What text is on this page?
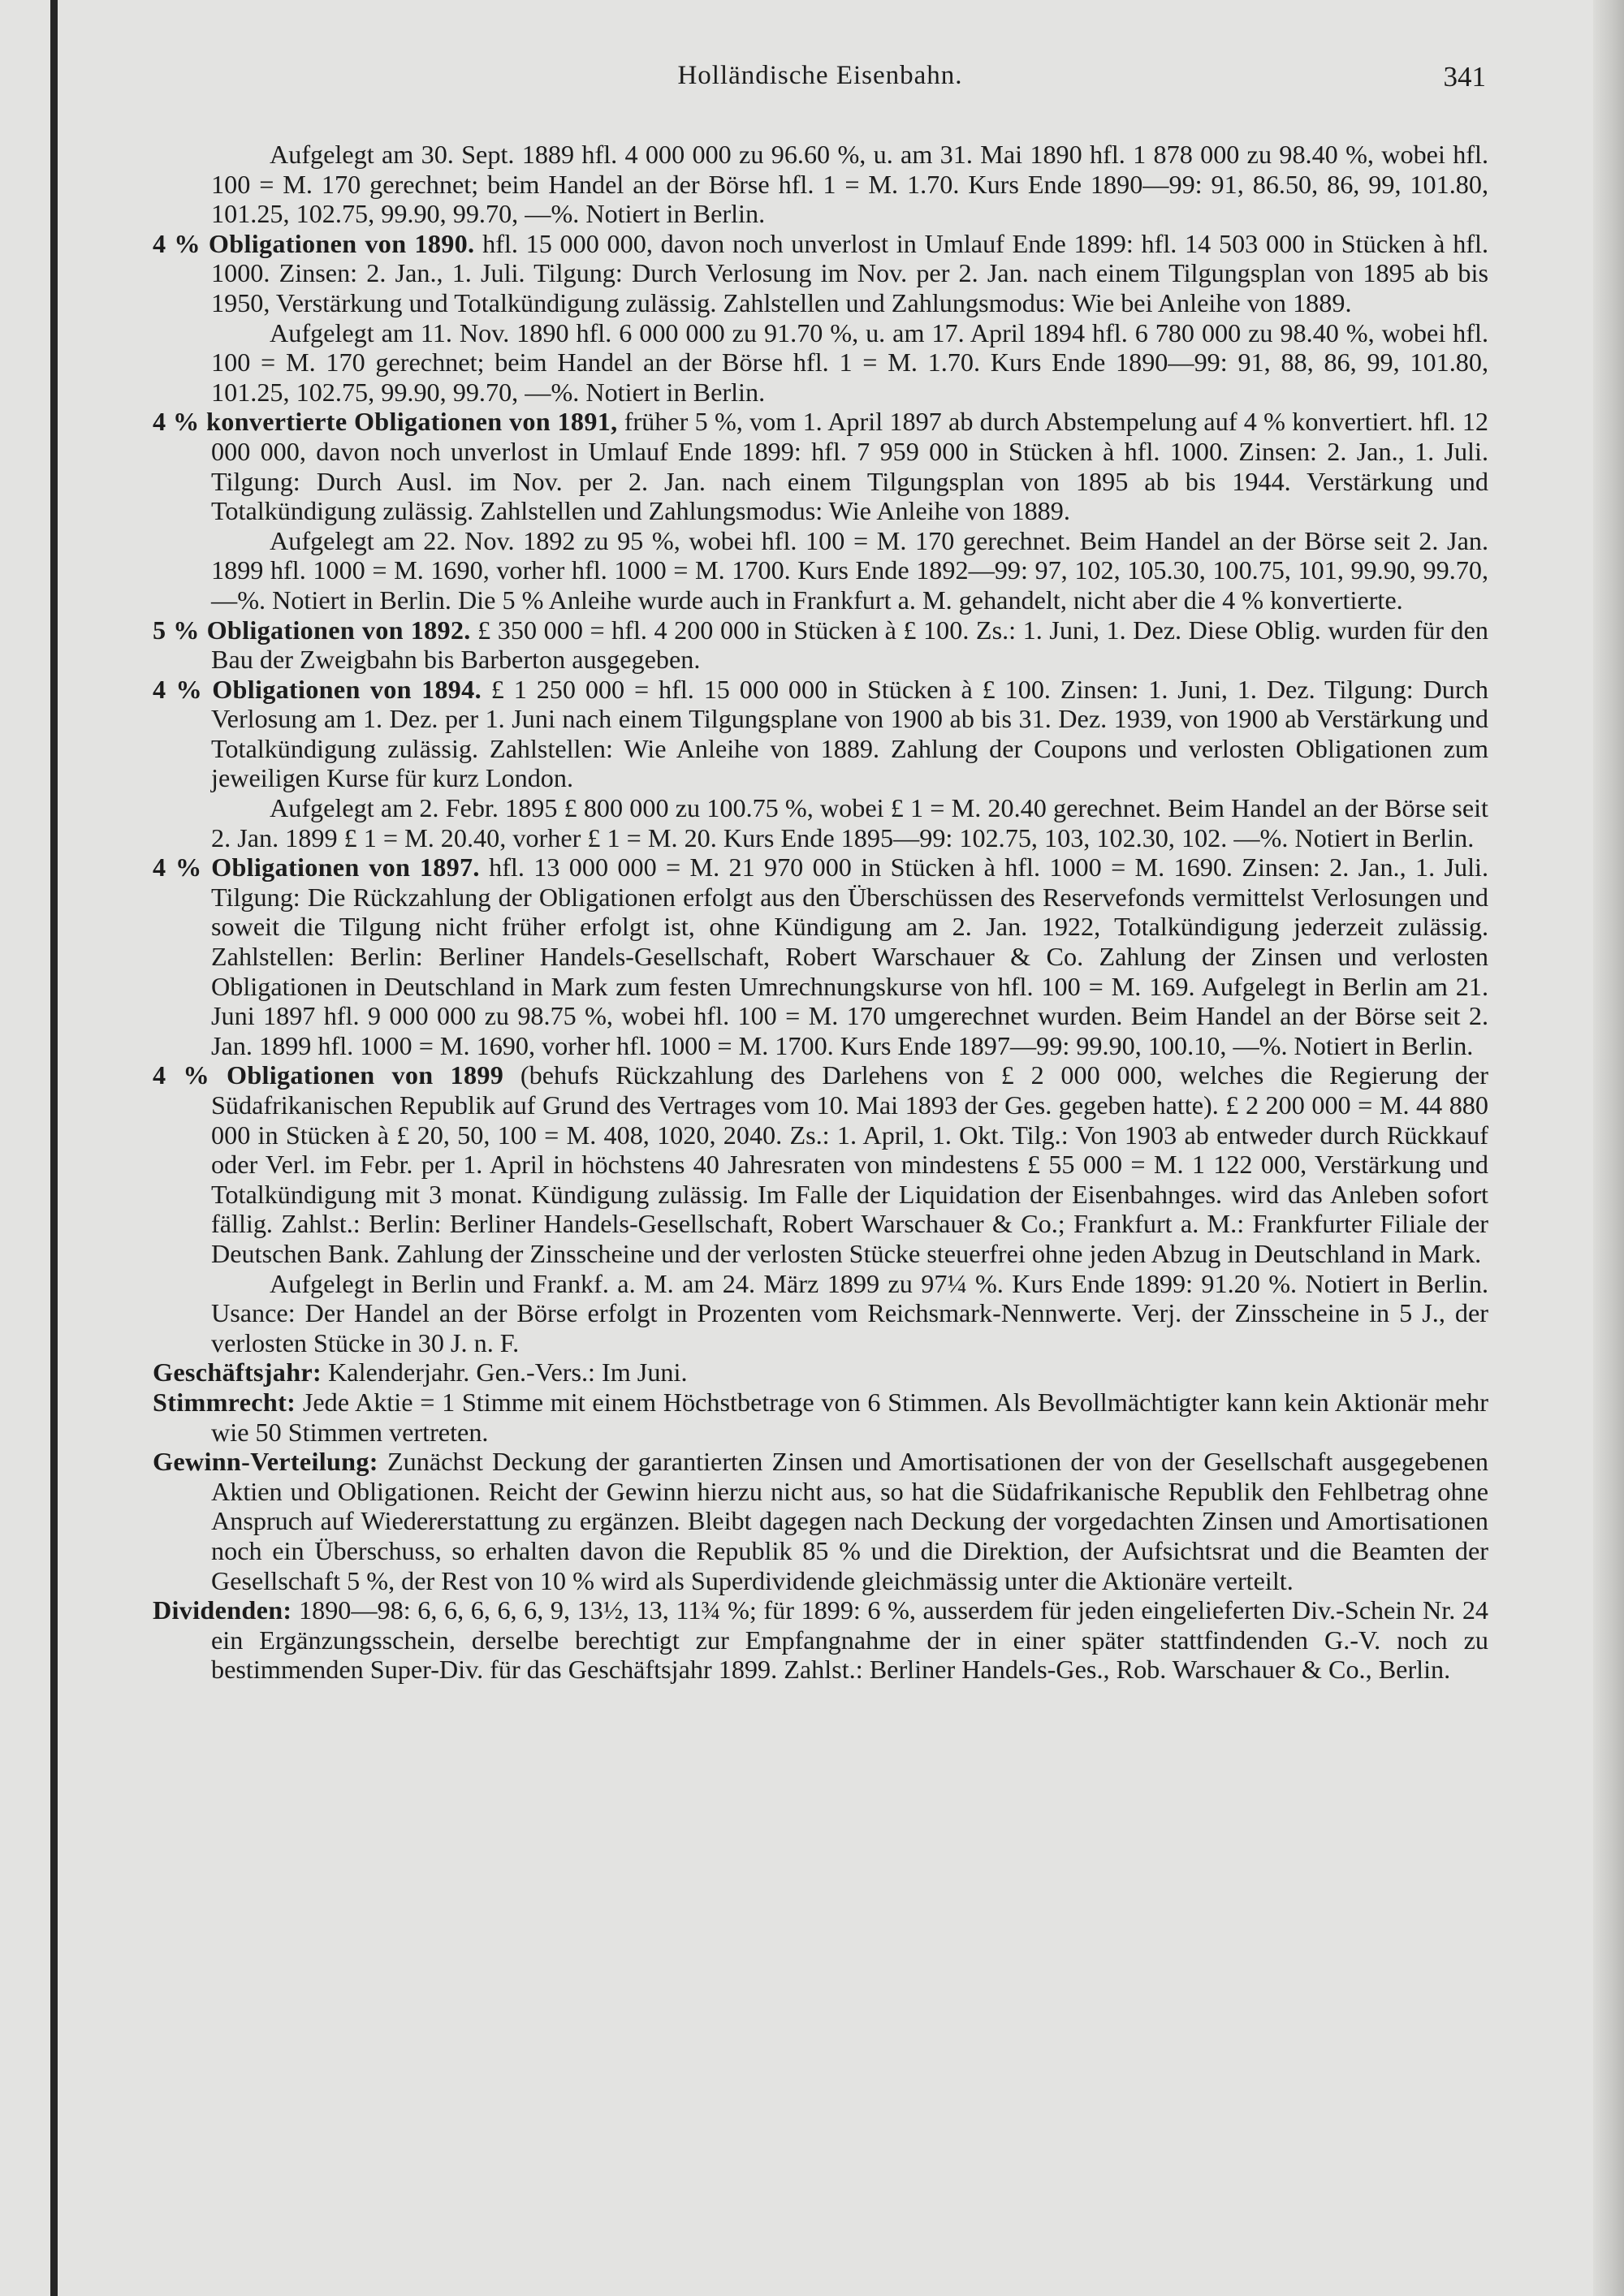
Holländische Eisenbahn.	341

Aufgelegt am 30. Sept. 1889 hfl. 4 000 000 zu 96.60 %, u. am 31. Mai 1890 hfl. 1 878 000 zu 98.40 %, wobei hfl. 100 = M. 170 gerechnet; beim Handel an der Börse hfl. 1 = M. 1.70. Kurs Ende 1890—99: 91, 86.50, 86, 99, 101.80, 101.25, 102.75, 99.90, 99.70, —%. Notiert in Berlin.

4 % Obligationen von 1890. hfl. 15 000 000, davon noch unverlost in Umlauf Ende 1899: hfl. 14 503 000 in Stücken à hfl. 1000. Zinsen: 2. Jan., 1. Juli. Tilgung: Durch Verlosung im Nov. per 2. Jan. nach einem Tilgungsplan von 1895 ab bis 1950, Verstärkung und Totalkündigung zulässig. Zahlstellen und Zahlungsmodus: Wie bei Anleihe von 1889.

Aufgelegt am 11. Nov. 1890 hfl. 6 000 000 zu 91.70 %, u. am 17. April 1894 hfl. 6 780 000 zu 98.40 %, wobei hfl. 100 = M. 170 gerechnet; beim Handel an der Börse hfl. 1 = M. 1.70. Kurs Ende 1890—99: 91, 88, 86, 99, 101.80, 101.25, 102.75, 99.90, 99.70, —%. Notiert in Berlin.

4 % konvertierte Obligationen von 1891, früher 5 %, vom 1. April 1897 ab durch Abstempelung auf 4 % konvertiert. hfl. 12 000 000, davon noch unverlost in Umlauf Ende 1899: hfl. 7 959 000 in Stücken à hfl. 1000. Zinsen: 2. Jan., 1. Juli. Tilgung: Durch Ausl. im Nov. per 2. Jan. nach einem Tilgungsplan von 1895 ab bis 1944. Verstärkung und Totalkündigung zulässig. Zahlstellen und Zahlungsmodus: Wie Anleihe von 1889.

Aufgelegt am 22. Nov. 1892 zu 95 %, wobei hfl. 100 = M. 170 gerechnet. Beim Handel an der Börse seit 2. Jan. 1899 hfl. 1000 = M. 1690, vorher hfl. 1000 = M. 1700. Kurs Ende 1892—99: 97, 102, 105.30, 100.75, 101, 99.90, 99.70, —%. Notiert in Berlin. Die 5 % Anleihe wurde auch in Frankfurt a. M. gehandelt, nicht aber die 4 % konvertierte.

5 % Obligationen von 1892. £ 350 000 = hfl. 4 200 000 in Stücken à £ 100. Zs.: 1. Juni, 1. Dez. Diese Oblig. wurden für den Bau der Zweigbahn bis Barberton ausgegeben.

4 % Obligationen von 1894. £ 1 250 000 = hfl. 15 000 000 in Stücken à £ 100. Zinsen: 1. Juni, 1. Dez. Tilgung: Durch Verlosung am 1. Dez. per 1. Juni nach einem Tilgungsplane von 1900 ab bis 31. Dez. 1939, von 1900 ab Verstärkung und Totalkündigung zulässig. Zahlstellen: Wie Anleihe von 1889. Zahlung der Coupons und verlosten Obligationen zum jeweiligen Kurse für kurz London.

Aufgelegt am 2. Febr. 1895 £ 800 000 zu 100.75 %, wobei £ 1 = M. 20.40 gerechnet. Beim Handel an der Börse seit 2. Jan. 1899 £ 1 = M. 20.40, vorher £ 1 = M. 20. Kurs Ende 1895—99: 102.75, 103, 102.30, 102. —%. Notiert in Berlin.

4 % Obligationen von 1897. hfl. 13 000 000 = M. 21 970 000 in Stücken à hfl. 1000 = M. 1690. Zinsen: 2. Jan., 1. Juli. Tilgung: Die Rückzahlung der Obligationen erfolgt aus den Überschüssen des Reservefonds vermittelst Verlosungen und soweit die Tilgung nicht früher erfolgt ist, ohne Kündigung am 2. Jan. 1922, Totalkündigung jederzeit zulässig. Zahlstellen: Berlin: Berliner Handels-Gesellschaft, Robert Warschauer & Co. Zahlung der Zinsen und verlosten Obligationen in Deutschland in Mark zum festen Umrechnungskurse von hfl. 100 = M. 169. Aufgelegt in Berlin am 21. Juni 1897 hfl. 9 000 000 zu 98.75 %, wobei hfl. 100 = M. 170 umgerechnet wurden. Beim Handel an der Börse seit 2. Jan. 1899 hfl. 1000 = M. 1690, vorher hfl. 1000 = M. 1700. Kurs Ende 1897—99: 99.90, 100.10, —%. Notiert in Berlin.

4 % Obligationen von 1899 (behufs Rückzahlung des Darlehens von £ 2 000 000, welches die Regierung der Südafrikanischen Republik auf Grund des Vertrages vom 10. Mai 1893 der Ges. gegeben hatte). £ 2 200 000 = M. 44 880 000 in Stücken à £ 20, 50, 100 = M. 408, 1020, 2040. Zs.: 1. April, 1. Okt. Tilg.: Von 1903 ab entweder durch Rückkauf oder Verl. im Febr. per 1. April in höchstens 40 Jahresraten von mindestens £ 55 000 = M. 1 122 000, Verstärkung und Totalkündigung mit 3 monat. Kündigung zulässig. Im Falle der Liquidation der Eisenbahnges. wird das Anleben sofort fällig. Zahlst.: Berlin: Berliner Handels-Gesellschaft, Robert Warschauer & Co.; Frankfurt a. M.: Frankfurter Filiale der Deutschen Bank. Zahlung der Zinsscheine und der verlosten Stücke steuerfrei ohne jeden Abzug in Deutschland in Mark.

Aufgelegt in Berlin und Frankf. a. M. am 24. März 1899 zu 97¼ %. Kurs Ende 1899: 91.20 %. Notiert in Berlin. Usance: Der Handel an der Börse erfolgt in Prozenten vom Reichsmark-Nennwerte. Verj. der Zinsscheine in 5 J., der verlosten Stücke in 30 J. n. F.

Geschäftsjahr: Kalenderjahr. Gen.-Vers.: Im Juni.

Stimmrecht: Jede Aktie = 1 Stimme mit einem Höchstbetrage von 6 Stimmen. Als Bevollmächtigter kann kein Aktionär mehr wie 50 Stimmen vertreten.

Gewinn-Verteilung: Zunächst Deckung der garantierten Zinsen und Amortisationen der von der Gesellschaft ausgegebenen Aktien und Obligationen. Reicht der Gewinn hierzu nicht aus, so hat die Südafrikanische Republik den Fehlbetrag ohne Anspruch auf Wiedererstattung zu ergänzen. Bleibt dagegen nach Deckung der vorgedachten Zinsen und Amortisationen noch ein Überschuss, so erhalten davon die Republik 85 % und die Direktion, der Aufsichtsrat und die Beamten der Gesellschaft 5 %, der Rest von 10 % wird als Superdividende gleichmässig unter die Aktionäre verteilt.

Dividenden: 1890—98: 6, 6, 6, 6, 6, 9, 13½, 13, 11¾ %; für 1899: 6 %, ausserdem für jeden eingelieferten Div.-Schein Nr. 24 ein Ergänzungsschein, derselbe berechtigt zur Empfangnahme der in einer später stattfindenden G.-V. noch zu bestimmenden Super-Div. für das Geschäftsjahr 1899. Zahlst.: Berliner Handels-Ges., Rob. Warschauer & Co., Berlin.
